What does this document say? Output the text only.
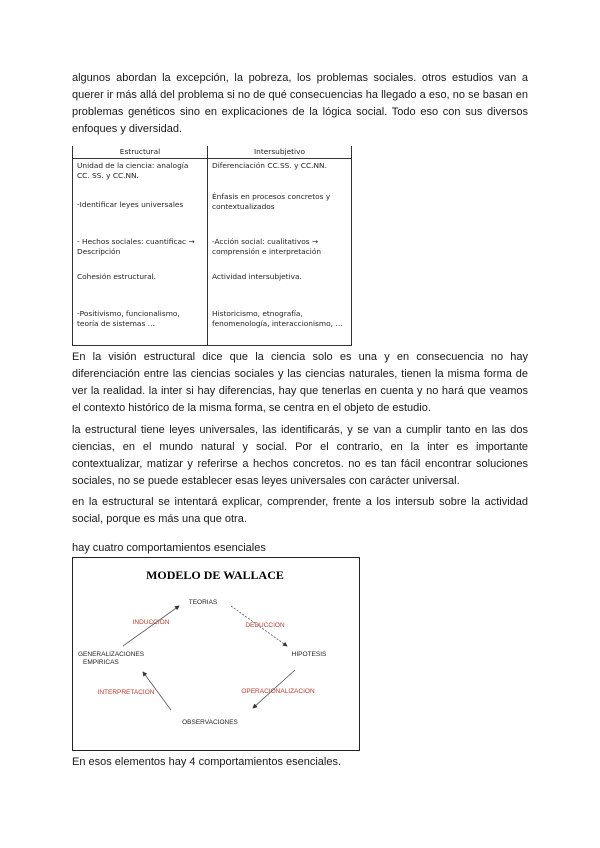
algunos abordan la excepción, la pobreza, los problemas sociales. otros estudios van a querer ir más allá del problema si no de qué consecuencias ha llegado a eso, no se basan en problemas genéticos sino en explicaciones de la lógica social. Todo eso con sus diversos enfoques y diversidad.

Estructural	Intersubjetivo
Unidad de la ciencia: analogía CC. SS. y CC.NN.	Diferenciación CC.SS. y CC.NN.
-Identificar leyes universales	Énfasis en procesos concretos y contextualizados
- Hechos sociales: cuantificac → Descripción	-Acción social: cualitativos → comprensión e interpretación
Cohesión estructural.	Actividad intersubjetiva.
-Positivismo, funcionalismo, teoría de sistemas …	Historicismo, etnografía, fenomenología, interaccionismo, …

En la visión estructural dice que la ciencia solo es una y en consecuencia no hay diferenciación entre las ciencias sociales y las ciencias naturales, tienen la misma forma de ver la realidad. la inter si hay diferencias, hay que tenerlas en cuenta y no hará que veamos el contexto histórico de la misma forma, se centra en el objeto de estudio.

la estructural tiene leyes universales, las identificarás, y se van a cumplir tanto en las dos ciencias, en el mundo natural y social. Por el contrario, en la inter es importante contextualizar, matizar y referirse a hechos concretos. no es tan fácil encontrar soluciones sociales, no se puede establecer esas leyes universales con carácter universal.

en la estructural se intentará explicar, comprender, frente a los intersub sobre la actividad social, porque es más una que otra.

hay cuatro comportamientos esenciales

MODELO DE WALLACE
TEORIAS
HIPOTESIS
OBSERVACIONES
GENERALIZACIONES
EMPIRICAS
INDUCCION	DEDUCCION
INTERPRETACION	OPERACIONALIZACION

En esos elementos hay 4 comportamientos esenciales.
